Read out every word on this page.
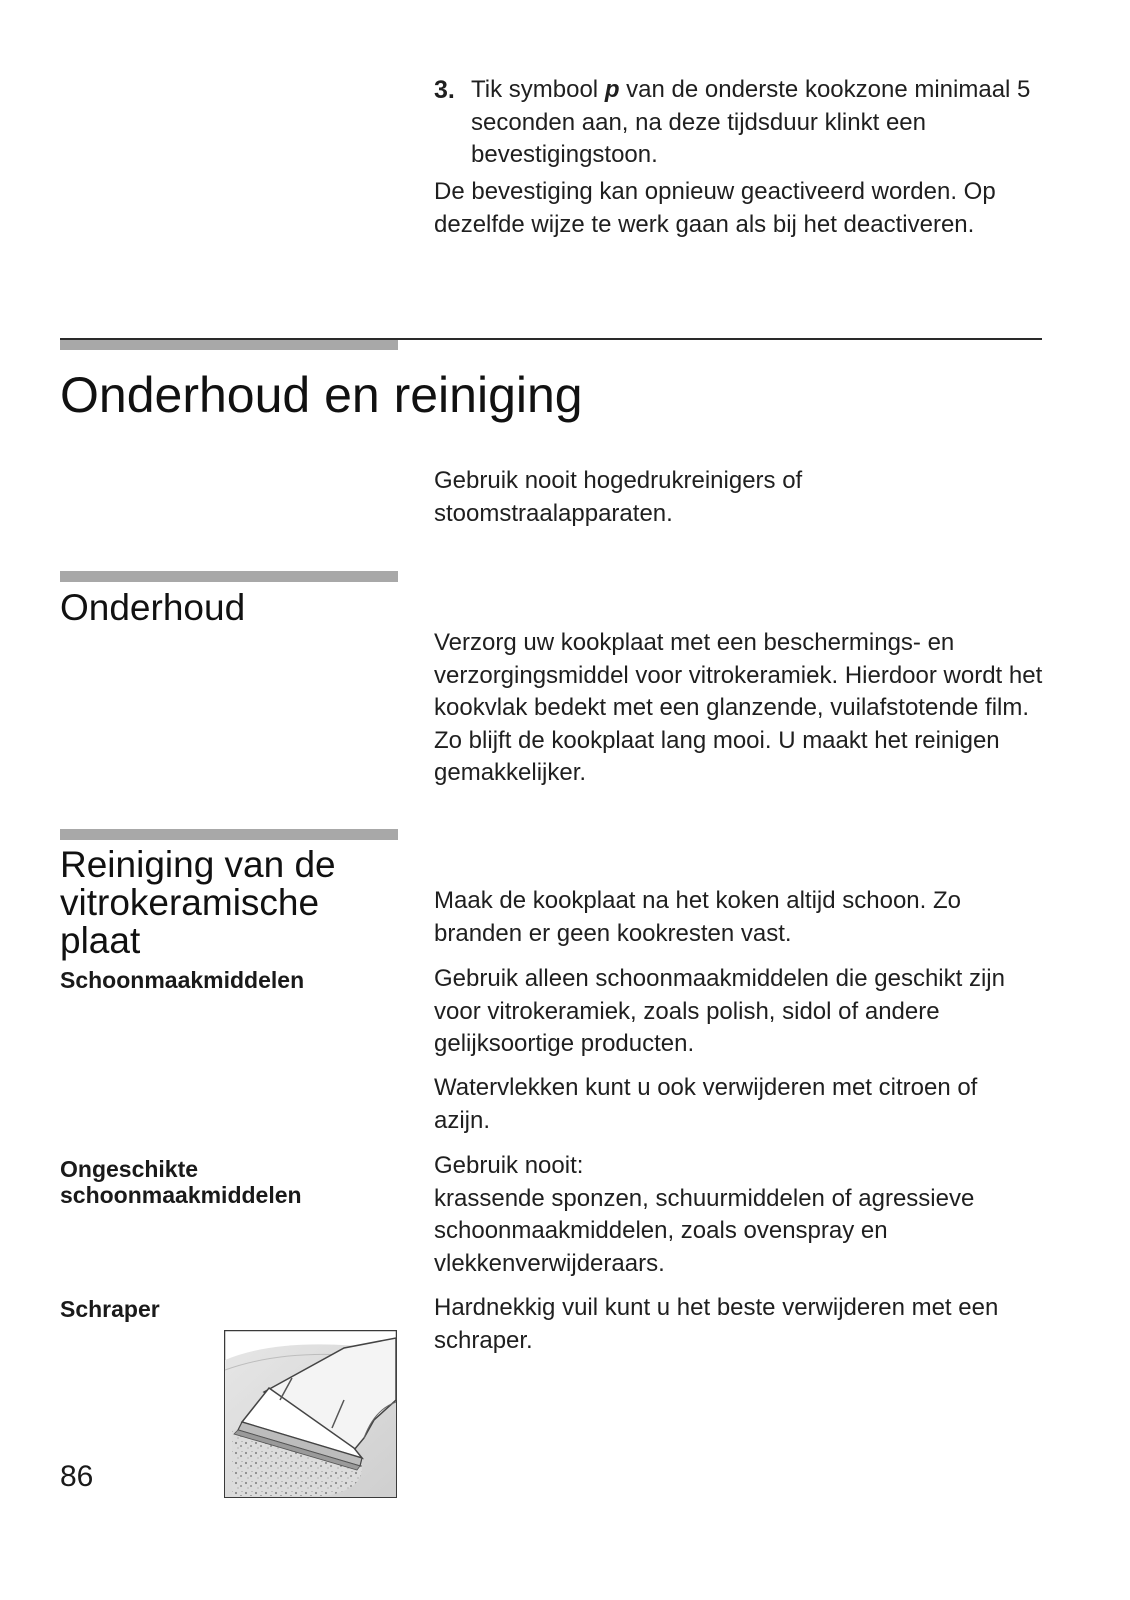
3. Tik symbool p van de onderste kookzone minimaal 5 seconden aan, na deze tijdsduur klinkt een bevestigingstoon.

De bevestiging kan opnieuw geactiveerd worden. Op dezelfde wijze te werk gaan als bij het deactiveren.

Onderhoud en reiniging

Gebruik nooit hogedrukreinigers of stoomstraalapparaten.

Onderhoud

Verzorg uw kookplaat met een beschermings- en verzorgingsmiddel voor vitrokeramiek. Hierdoor wordt het kookvlak bedekt met een glanzende, vuilafstotende film. Zo blijft de kookplaat lang mooi. U maakt het reinigen gemakkelijker.

Reiniging van de
vitrokeramische
plaat

Maak de kookplaat na het koken altijd schoon. Zo branden er geen kookresten vast.

Schoonmaakmiddelen	Gebruik alleen schoonmaakmiddelen die geschikt zijn voor vitrokeramiek, zoals polish, sidol of andere gelijksoortige producten.

Watervlekken kunt u ook verwijderen met citroen of azijn.

Ongeschikte
schoonmaakmiddelen

Gebruik nooit:

krassende sponzen, schuurmiddelen of agressieve schoonmaakmiddelen, zoals ovenspray en vlekkenverwijderaars.

Schraper	Hardnekkig vuil kunt u het beste verwijderen met een schraper.

86
